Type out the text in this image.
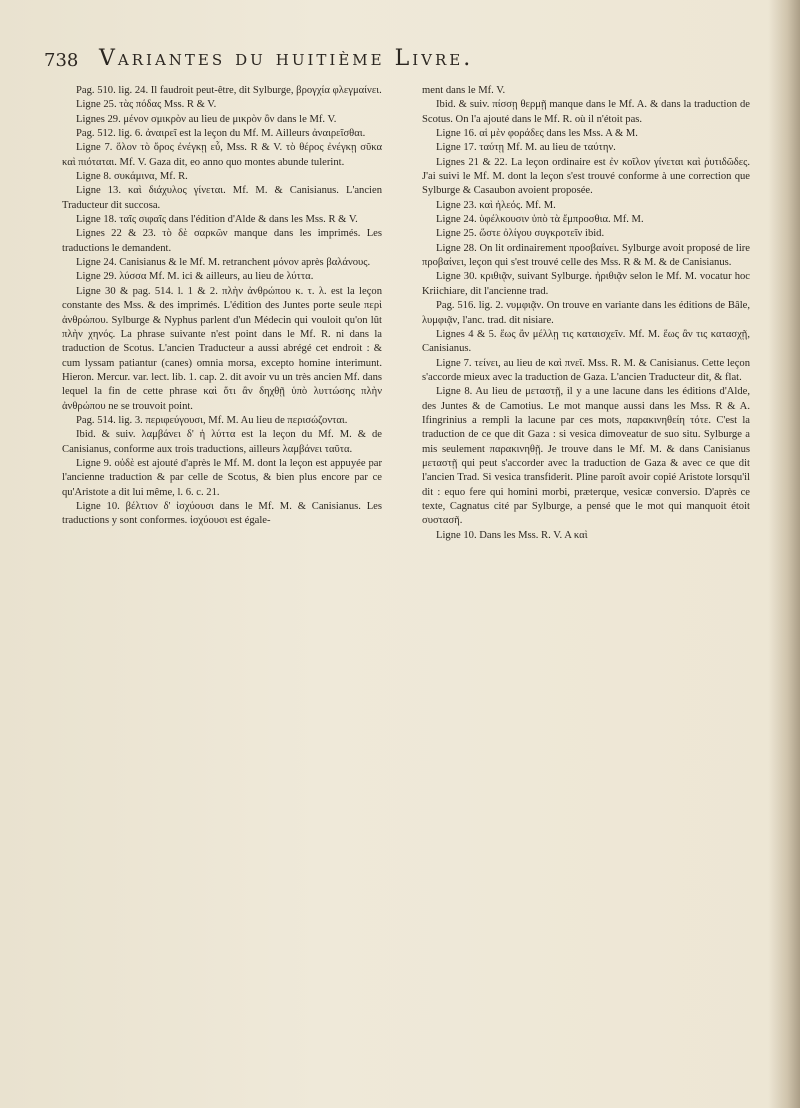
738 Variantes du huitième Livre.

Pag. 510. lig. 24. Il faudroit peut-être, dit Sylburge, βρογχία φλεγμαίνει.

Ligne 25. τὰς πόδας Mss. R & V.

Lignes 29. μένον σμικρὸν au lieu de μικρὸν ὂν dans le Mf. V.

Pag. 512. lig. 6. ἀναιρεῖ est la leçon du Mf. M. Ailleurs ἀναιρεῖσθαι.

Ligne 7. ὅλον τὸ ὄρος ἐνέγκῃ εὖ, Mss. R & V. τὸ θέρος ἐνέγκῃ σῦκα καὶ πιόταται. Mf. V. Gaza dit, eo anno quo montes abunde tulerint.

Ligne 8. συκάμινα, Mf. R.

Ligne 13. καὶ διάχυλος γίνεται. Mf. M. & Canisianus. L'ancien Traducteur dit succosa.

Ligne 18. ταῖς σιφαῖς dans l'édition d'Alde & dans les Mss. R & V.

Lignes 22 & 23. τὸ δὲ σαρκῶν manque dans les imprimés. Les traductions le demandent.

Ligne 24. Canisianus & le Mf. M. retranchent μόνον après βαλάνους.

Ligne 29. λύσσα Mf. M. ici & ailleurs, au lieu de λύττα.

Ligne 30 & pag. 514. l. 1 & 2. πλὴν ἀνθρώπου κ. τ. λ. est la leçon constante des Mss. & des imprimés. L'édition des Juntes porte seule περὶ ἀνθρώπου. Sylburge & Nyphus parlent d'un Médecin qui vouloit qu'on lût πλὴν χηνός. La phrase suivante n'est point dans le Mf. R. ni dans la traduction de Scotus. L'ancien Traducteur a aussi abrégé cet endroit : & cum lyssam patiantur (canes) omnia morsa, excepto homine interimunt. Hieron. Mercur. var. lect. lib. 1. cap. 2. dit avoir vu un très ancien Mf. dans lequel la fin de cette phrase καὶ ὅτι ἂν δηχθῇ ὑπὸ λυττώσης πλὴν ἀνθρώπου ne se trouvoit point.

Pag. 514. lig. 3. περιφεύγουσι, Mf. M. Au lieu de περισώζονται.

Ibid. & suiv. λαμβάνει δ' ἡ λύττα est la leçon du Mf. M. & de Canisianus, conforme aux trois traductions, ailleurs λαμβάνει ταῦτα.

Ligne 9. οὐδὲ est ajouté d'après le Mf. M. dont la leçon est appuyée par l'ancienne traduction & par celle de Scotus, & bien plus encore par ce qu'Aristote a dit lui même, l. 6. c. 21.

Ligne 10. βέλτιον δ' ἰσχύουσι dans le Mf. M. & Canisianus. Les traductions y sont conformes. ἰσχύουσι est égale-

ment dans le Mf. V.

Ibid. & suiv. πίσσῃ θερμῇ manque dans le Mf. A. & dans la traduction de Scotus. On l'a ajouté dans le Mf. R. où il n'étoit pas.

Ligne 16. αἱ μὲν φοράδες dans les Mss. A & M.

Ligne 17. ταύτῃ Mf. M. au lieu de ταύτην.

Lignes 21 & 22. La leçon ordinaire est ἐν κοῖλον γίνεται καὶ ῥυτιδῶδες. J'ai suivi le Mf. M. dont la leçon s'est trouvé conforme à une correction que Sylburge & Casaubon avoient proposée.

Ligne 23. καὶ ἠλεός. Mf. M.

Ligne 24. ὑφέλκουσιν ὑπὸ τὰ ἔμπροσθια. Mf. M.

Ligne 25. ὥστε ὀλίγου συγκροτεῖν ibid.

Ligne 28. On lit ordinairement προσβαίνει. Sylburge avoit proposé de lire προβαίνει, leçon qui s'est trouvé celle des Mss. R & M. & de Canisianus.

Ligne 30. κριθιᾷν, suivant Sylburge. ἠριθιᾷν selon le Mf. M. vocatur hoc Kriichiare, dit l'ancienne trad.

Pag. 516. lig. 2. νυμφιᾷν. On trouve en variante dans les éditions de Bâle, λυμφιᾷν, l'anc. trad. dit nisiare.

Lignes 4 & 5. ἕως ἂν μέλλῃ τις καταισχεῖν. Mf. M. ἕως ἂν τις κατασχῇ, Canisianus.

Ligne 7. τείνει, au lieu de καὶ πνεῖ. Mss. R. M. & Canisianus. Cette leçon s'accorde mieux avec la traduction de Gaza. L'ancien Traducteur dit, & flat.

Ligne 8. Au lieu de μεταστῇ, il y a une lacune dans les éditions d'Alde, des Juntes & de Camotius. Le mot manque aussi dans les Mss. R & A. Ifingrinius a rempli la lacune par ces mots, παρακινηθείη τότε. C'est la traduction de ce que dit Gaza : si vesica dimoveatur de suo situ. Sylburge a mis seulement παρακινηθῇ. Je trouve dans le Mf. M. & dans Canisianus μεταστῇ qui peut s'accorder avec la traduction de Gaza & avec ce que dit l'ancien Trad. Si vesica transfiderit. Pline paroît avoir copié Aristote lorsqu'il dit : equo fere qui homini morbi, præterque, vesicæ conversio. D'après ce texte, Cagnatus cité par Sylburge, a pensé que le mot qui manquoit étoit συστασῆ.

Ligne 10. Dans les Mss. R. V. A καὶ
